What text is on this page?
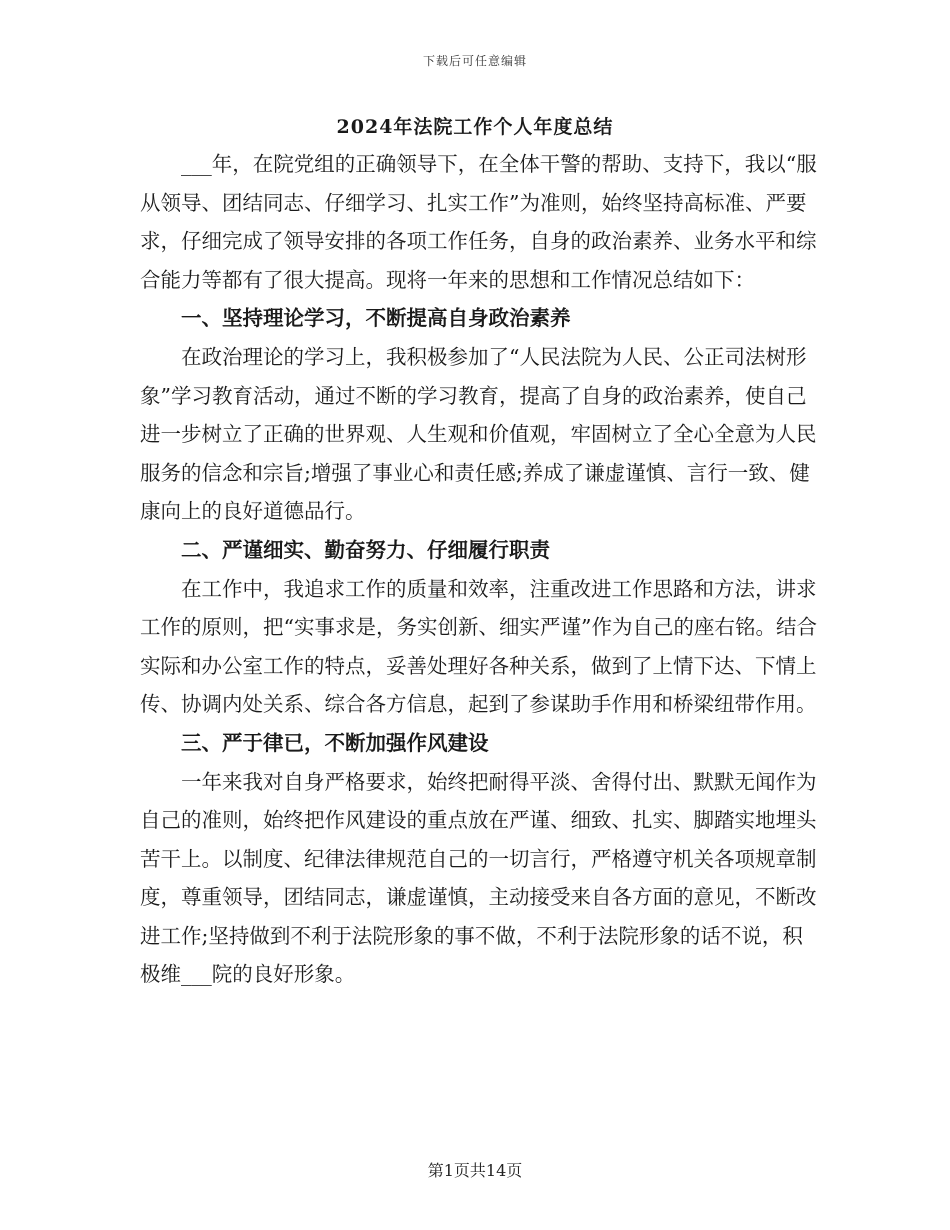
下载后可任意编辑
2024年法院工作个人年度总结

___年，在院党组的正确领导下，在全体干警的帮助、支持下，我以“服从领导、团结同志、仔细学习、扎实工作”为准则，始终坚持高标准、严要求，仔细完成了领导安排的各项工作任务，自身的政治素养、业务水平和综合能力等都有了很大提高。现将一年来的思想和工作情况总结如下：

一、坚持理论学习，不断提高自身政治素养

在政治理论的学习上，我积极参加了“人民法院为人民、公正司法树形象”学习教育活动，通过不断的学习教育，提高了自身的政治素养，使自己进一步树立了正确的世界观、人生观和价值观，牢固树立了全心全意为人民服务的信念和宗旨;增强了事业心和责任感;养成了谦虚谨慎、言行一致、健康向上的良好道德品行。

二、严谨细实、勤奋努力、仔细履行职责

在工作中，我追求工作的质量和效率，注重改进工作思路和方法，讲求工作的原则，把“实事求是，务实创新、细实严谨”作为自己的座右铭。结合实际和办公室工作的特点，妥善处理好各种关系，做到了上情下达、下情上传、协调内处关系、综合各方信息，起到了参谋助手作用和桥梁纽带作用。

三、严于律已，不断加强作风建设

一年来我对自身严格要求，始终把耐得平淡、舍得付出、默默无闻作为自己的准则，始终把作风建设的重点放在严谨、细致、扎实、脚踏实地埋头苦干上。以制度、纪律法律规范自己的一切言行，严格遵守机关各项规章制度，尊重领导，团结同志，谦虚谨慎，主动接受来自各方面的意见，不断改进工作;坚持做到不利于法院形象的事不做，不利于法院形象的话不说，积极维___院的良好形象。

第1页共14页
